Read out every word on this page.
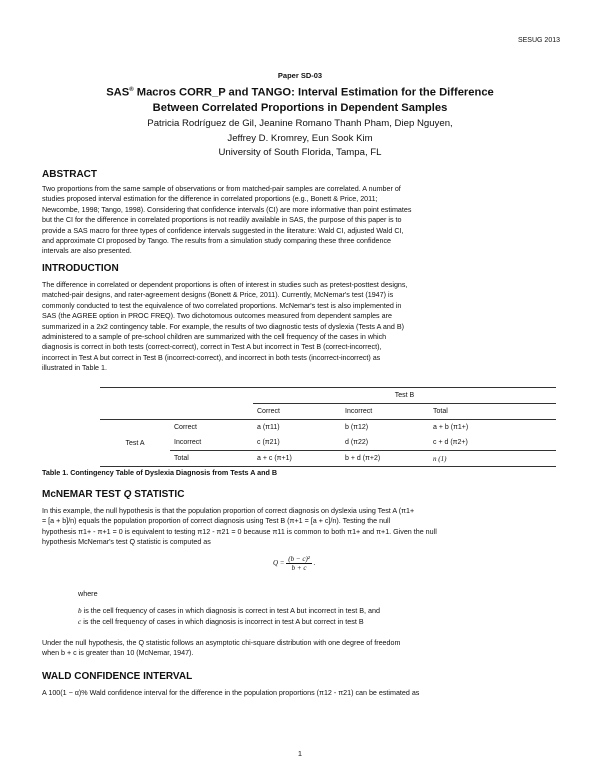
SESUG 2013
Paper SD-03
SAS® Macros CORR_P and TANGO: Interval Estimation for the Difference
Between Correlated Proportions in Dependent Samples
Patricia Rodríguez de Gil, Jeanine Romano Thanh Pham, Diep Nguyen,
Jeffrey D. Kromrey, Eun Sook Kim
University of South Florida, Tampa, FL
ABSTRACT

Two proportions from the same sample of observations or from matched-pair samples are correlated. A number of
studies proposed interval estimation for the difference in correlated proportions (e.g., Bonett & Price, 2011;
Newcombe, 1998; Tango, 1998). Considering that confidence intervals (CI) are more informative than point estimates
but the CI for the difference in correlated proportions is not readily available in SAS, the purpose of this paper is to
provide a SAS macro for three types of confidence intervals suggested in the literature: Wald CI, adjusted Wald CI,
and approximate CI proposed by Tango. The results from a simulation study comparing these three confidence
intervals are also presented.

INTRODUCTION

The difference in correlated or dependent proportions is often of interest in studies such as pretest-posttest designs,
matched-pair designs, and rater-agreement designs (Bonett & Price, 2011). Currently, McNemar's test (1947) is
commonly conducted to test the equivalence of two correlated proportions. McNemar's test is also implemented in
SAS (the AGREE option in PROC FREQ). Two dichotomous outcomes measured from dependent samples are
summarized in a 2x2 contingency table. For example, the results of two diagnostic tests of dyslexia (Tests A and B)
administered to a sample of pre-school children are summarized with the cell frequency of the cases in which
diagnosis is correct in both tests (correct-correct), correct in Test A but incorrect in Test B (correct-incorrect),
incorrect in Test A but correct in Test B (incorrect-correct), and incorrect in both tests (incorrect-incorrect) as
illustrated in Table 1.

		Test B		
		Correct	Incorrect	Total
Test A	Correct	a (π11)	b (π12)	a + b (π1+)
	Incorrect	c (π21)	d (π22)	c + d (π2+)
	Total	a + c (π+1)	b + d (π+2)	n (1)
Table 1. Contingency Table of Dyslexia Diagnosis from Tests A and B
McNEMAR TEST Q STATISTIC

In this example, the null hypothesis is that the population proportion of correct diagnosis on dyslexia using Test A (π1+
= [a + b]/n) equals the population proportion of correct diagnosis using Test B (π+1 = [a + c]/n). Testing the null
hypothesis π1+ - π+1 = 0 is equivalent to testing π12 - π21 = 0 because π11 is common to both π1+ and π+1. Given the null
hypothesis McNemar's test Q statistic is computed as

$Q = \frac{\text{(b − c)²}}{b + c}$ .
where
b is the cell frequency of cases in which diagnosis is correct in test A but incorrect in test B, and
c is the cell frequency of cases in which diagnosis is incorrect in test A but correct in test B

Under the null hypothesis, the Q statistic follows an asymptotic chi-square distribution with one degree of freedom
when b + c is greater than 10 (McNemar, 1947).

WALD CONFIDENCE INTERVAL

A 100(1 − α)% Wald confidence interval for the difference in the population proportions (π12 - π21) can be estimated as

1
